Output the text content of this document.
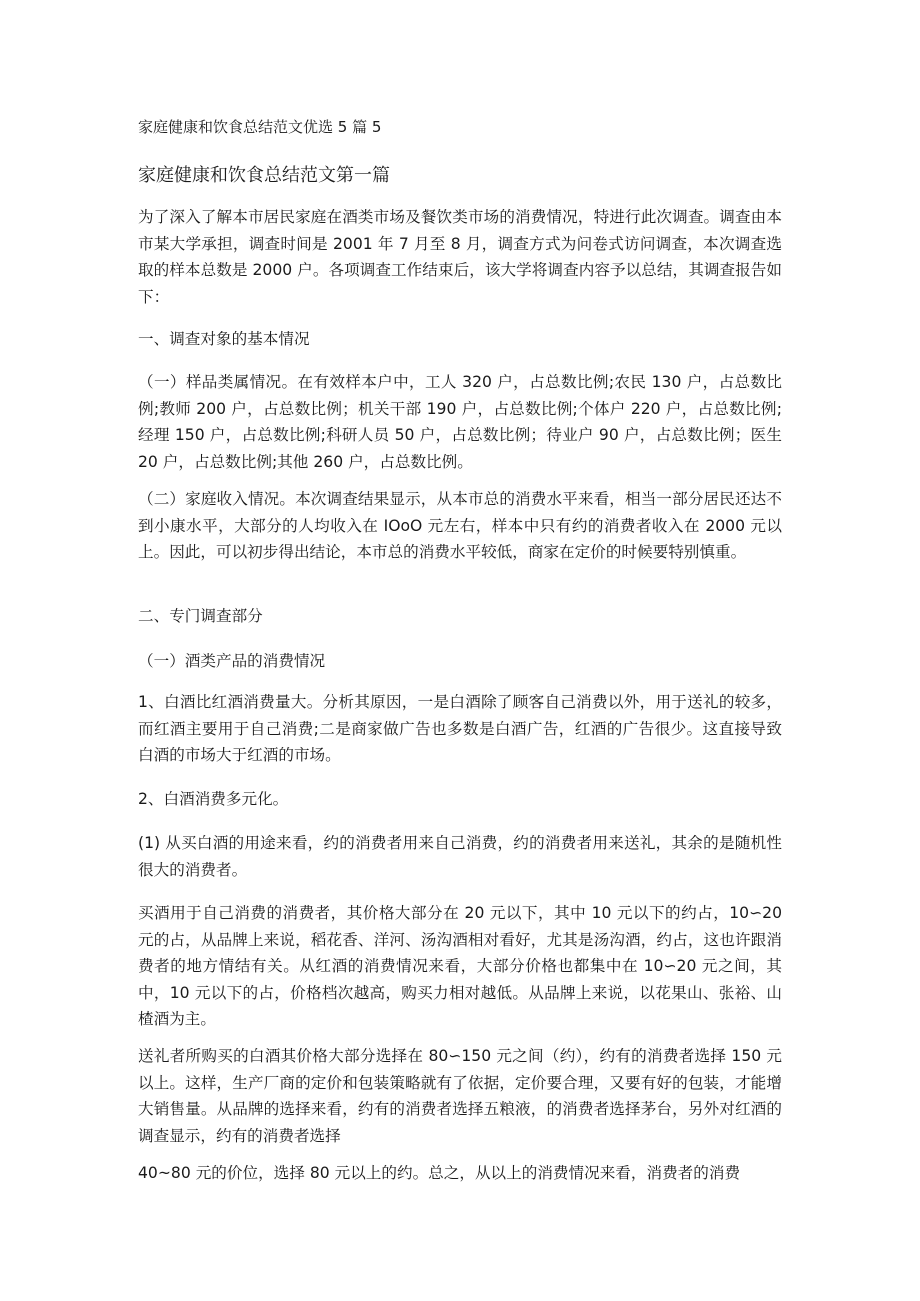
家庭健康和饮食总结范文优选 5 篇 5
家庭健康和饮食总结范文第一篇

为了深入了解本市居民家庭在酒类市场及餐饮类市场的消费情况，特进行此次调查。调查由本市某大学承担，调查时间是 2001 年 7 月至 8 月，调查方式为问卷式访问调查，本次调查选取的样本总数是 2000 户。各项调查工作结束后，该大学将调查内容予以总结，其调查报告如下：

一、调查对象的基本情况

（一）样品类属情况。在有效样本户中，工人 320 户，占总数比例;农民 130 户，占总数比例;教师 200 户，占总数比例；机关干部 190 户，占总数比例;个体户 220 户，占总数比例;经理 150 户，占总数比例;科研人员 50 户，占总数比例；待业户 90 户，占总数比例；医生 20 户，占总数比例;其他 260 户，占总数比例。

（二）家庭收入情况。本次调查结果显示，从本市总的消费水平来看，相当一部分居民还达不到小康水平，大部分的人均收入在 IOoO 元左右，样本中只有约的消费者收入在 2000 元以上。因此，可以初步得出结论，本市总的消费水平较低，商家在定价的时候要特别慎重。

二、专门调查部分

（一）酒类产品的消费情况

1、白酒比红酒消费量大。分析其原因，一是白酒除了顾客自己消费以外，用于送礼的较多，而红酒主要用于自己消费;二是商家做广告也多数是白酒广告，红酒的广告很少。这直接导致白酒的市场大于红酒的市场。

2、白酒消费多元化。

(1) 从买白酒的用途来看，约的消费者用来自己消费，约的消费者用来送礼，其余的是随机性很大的消费者。

买酒用于自己消费的消费者，其价格大部分在 20 元以下，其中 10 元以下的约占，10∽20 元的占，从品牌上来说，稻花香、洋河、汤沟酒相对看好，尤其是汤沟酒，约占，这也许跟消费者的地方情结有关。从红酒的消费情况来看，大部分价格也都集中在 10∽20 元之间，其中，10 元以下的占，价格档次越高，购买力相对越低。从品牌上来说，以花果山、张裕、山楂酒为主。

送礼者所购买的白酒其价格大部分选择在 80∽150 元之间（约），约有的消费者选择 150 元以上。这样，生产厂商的定价和包装策略就有了依据，定价要合理，又要有好的包装，才能增大销售量。从品牌的选择来看，约有的消费者选择五粮液，的消费者选择茅台，另外对红酒的调查显示，约有的消费者选择

40~80 元的价位，选择 80 元以上的约。总之，从以上的消费情况来看，消费者的消费
